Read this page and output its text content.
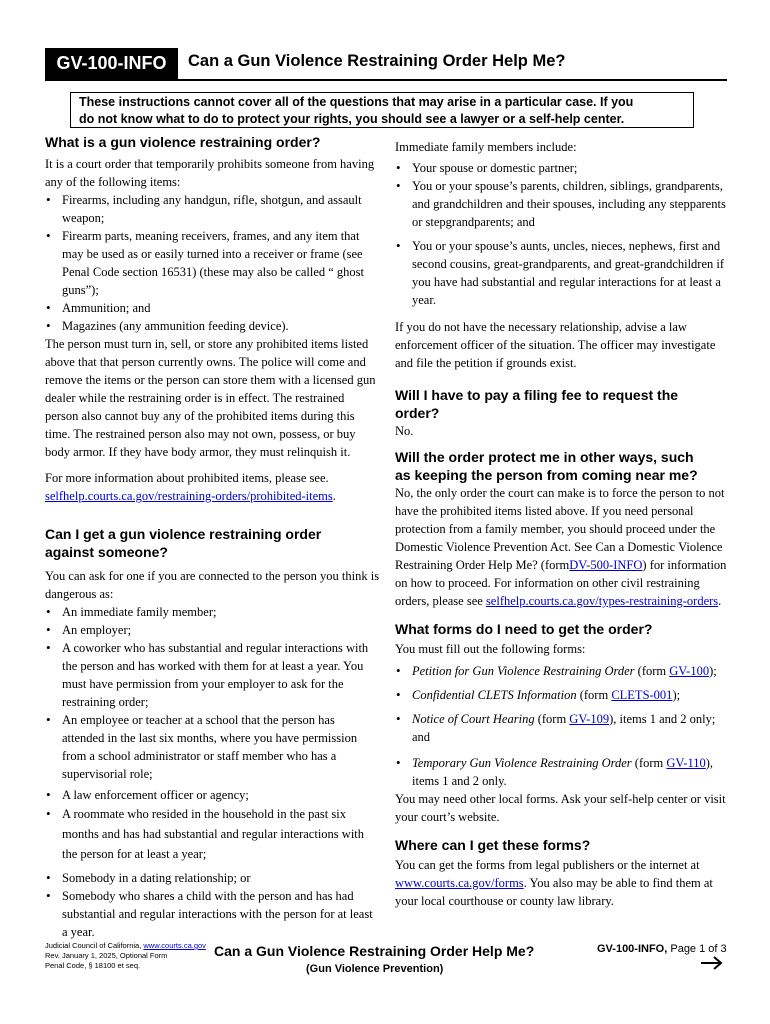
GV-100-INFO	Can a Gun Violence Restraining Order Help Me?
These instructions cannot cover all of the questions that may arise in a particular case. If you
do not know what to do to protect your rights, you should see a lawyer or a self-help center.
What is a gun violence restraining order?

It is a court order that temporarily prohibits someone from having any of the following items:

• Firearms, including any handgun, rifle, shotgun, and assault weapon;
• Firearm parts, meaning receivers, frames, and any item that may be used as or easily turned into a receiver or frame (see Penal Code section 16531) (these may also be called “ ghost guns”);
• Ammunition; and
• Magazines (any ammunition feeding device).

The person must turn in, sell, or store any prohibited items listed above that that person currently owns. The police will come and remove the items or the person can store them with a licensed gun dealer while the restraining order is in effect. The restrained person also cannot buy any of the prohibited items during this time. The restrained person also may not own, possess, or buy body armor. If they have body armor, they must relinquish it.

For more information about prohibited items, please see.
selfhelp.courts.ca.gov/restraining-orders/prohibited-items.

Can I get a gun violence restraining order
against someone?

You can ask for one if you are connected to the person you think is dangerous as:

• An immediate family member;
• An employer;
• A coworker who has substantial and regular interactions with the person and has worked with them for at least a year. You must have permission from your employer to ask for the restraining order;
• An employee or teacher at a school that the person has attended in the last six months, where you have permission from a school administrator or staff member who has a supervisorial role;
• A law enforcement officer or agency;
• A roommate who resided in the household in the past six months and has had substantial and regular interactions with the person for at least a year;
• Somebody in a dating relationship; or
• Somebody who shares a child with the person and has had substantial and regular interactions with the person for at least a year.

Immediate family members include:

• Your spouse or domestic partner;
• You or your spouse’s parents, children, siblings, grandparents, and grandchildren and their spouses, including any stepparents or stepgrandparents; and
• You or your spouse’s aunts, uncles, nieces, nephews, first and second cousins, great-grandparents, and great-grandchildren if you have had substantial and regular interactions for at least a year.

If you do not have the necessary relationship, advise a law enforcement officer of the situation. The officer may investigate and file the petition if grounds exist.

Will I have to pay a filing fee to request the
order?

No.

Will the order protect me in other ways, such
as keeping the person from coming near me?

No, the only order the court can make is to force the person to not have the prohibited items listed above. If you need personal protection from a family member, you should proceed under the Domestic Violence Prevention Act. See Can a Domestic Violence Restraining Order Help Me? (formDV-500-INFO) for information on how to proceed. For information on other civil restraining orders, please see selfhelp.courts.ca.gov/types-restraining-orders.

What forms do I need to get the order?

You must fill out the following forms:

• Petition for Gun Violence Restraining Order (form GV-100);
• Confidential CLETS Information (form CLETS-001);
• Notice of Court Hearing (form GV-109), items 1 and 2 only; and
• Temporary Gun Violence Restraining Order (form GV-110), items 1 and 2 only.

You may need other local forms. Ask your self-help center or visit your court’s website.

Where can I get these forms?

You can get the forms from legal publishers or the internet at www.courts.ca.gov/forms. You also may be able to find them at your local courthouse or county law library.

Judicial Council of California, www.courts.ca.gov
Rev. January 1, 2025, Optional Form
Penal Code, § 18100 et seq.
Can a Gun Violence Restraining Order Help Me?
(Gun Violence Prevention)
GV-100-INFO, Page 1 of 3
